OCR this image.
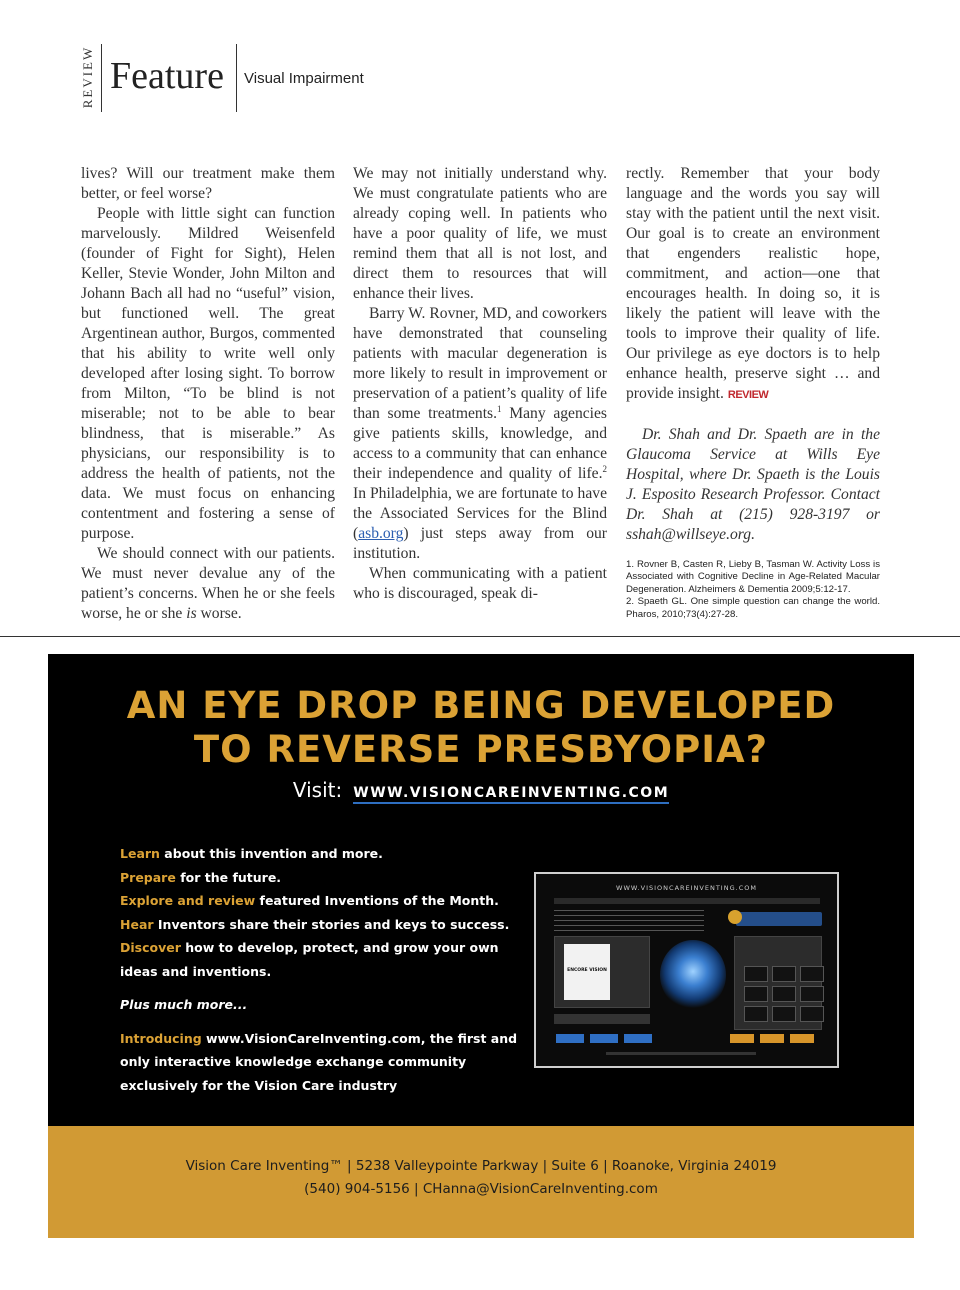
REVIEW Feature Visual Impairment

lives? Will our treatment make them better, or feel worse?

People with little sight can function marvelously. Mildred Weisenfeld (founder of Fight for Sight), Helen Keller, Stevie Wonder, John Milton and Johann Bach all had no “useful” vision, but functioned well. The great Argentinean author, Burgos, commented that his ability to write well only developed after losing sight. To borrow from Milton, “To be blind is not miserable; not to be able to bear blindness, that is miserable.” As physicians, our responsibility is to address the health of patients, not the data. We must focus on enhancing contentment and fostering a sense of purpose.

We should connect with our patients. We must never devalue any of the patient’s concerns. When he or she feels worse, he or she is worse.

We may not initially understand why. We must congratulate patients who are already coping well. In patients who have a poor quality of life, we must remind them that all is not lost, and direct them to resources that will enhance their lives.

Barry W. Rovner, MD, and coworkers have demonstrated that counseling patients with macular degeneration is more likely to result in improvement or preservation of a patient’s quality of life than some treatments.$^1$ Many agencies give patients skills, knowledge, and access to a community that can enhance their independence and quality of life.$^2$ In Philadelphia, we are fortunate to have the Associated Services for the Blind (asb.org) just steps away from our institution.

When communicating with a patient who is discouraged, speak di-

rectly. Remember that your body language and the words you say will stay with the patient until the next visit. Our goal is to create an environment that engenders realistic hope, commitment, and action—one that encourages health. In doing so, it is likely the patient will leave with the tools to improve their quality of life. Our privilege as eye doctors is to help enhance health, preserve sight … and provide insight. REVIEW

Dr. Shah and Dr. Spaeth are in the Glaucoma Service at Wills Eye Hospital, where Dr. Spaeth is the Louis J. Esposito Research Professor. Contact Dr. Shah at (215) 928-3197 or sshah@willseye.org.

1. Rovner B, Casten R, Lieby B, Tasman W. Activity Loss is Associated with Cognitive Decline in Age-Related Macular Degeneration. Alzheimers & Dementia 2009;5:12-17.

2. Spaeth GL. One simple question can change the world. Pharos, 2010;73(4):27-28.

AN EYE DROP BEING DEVELOPED
TO REVERSE PRESBYOPIA?
Visit: WWW.VISIONCAREINVENTING.COM
Learn about this invention and more.
Prepare for the future.
Explore and review featured Inventions of the Month.
Hear Inventors share their stories and keys to success.
Discover how to develop, protect, and grow your own ideas and inventions.
Plus much more...
Introducing www.VisionCareInventing.com, the first and only interactive knowledge exchange community exclusively for the Vision Care industry
WWW.VISIONCAREINVENTING.COM
ENCORE VISION
Vision Care Inventing™ | 5238 Valleypointe Parkway | Suite 6 | Roanoke, Virginia 24019
(540) 904-5156 | CHanna@VisionCareInventing.com
